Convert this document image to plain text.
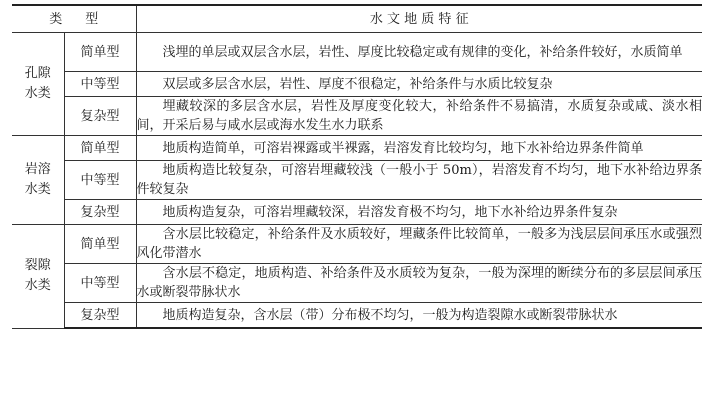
类 型		水 文 地 质 特 征
孔隙
水类	简单型	浅埋的单层或双层含水层，岩性、厚度比较稳定或有规律的变化，补给条件较好，水质简单
	中等型	双层或多层含水层，岩性、厚度不很稳定，补给条件与水质比较复杂
	复杂型	埋藏较深的多层含水层，岩性及厚度变化较大，补给条件不易搞清，水质复杂或咸、淡水相间，开采后易与咸水层或海水发生水力联系
岩溶
水类	简单型	地质构造简单，可溶岩裸露或半裸露，岩溶发育比较均匀，地下水补给边界条件简单
	中等型	地质构造比较复杂，可溶岩埋藏较浅（一般小于 50m），岩溶发育不均匀，地下水补给边界条件较复杂
	复杂型	地质构造复杂，可溶岩埋藏较深，岩溶发育极不均匀，地下水补给边界条件复杂
裂隙
水类	简单型	含水层比较稳定，补给条件及水质较好，埋藏条件比较简单，一般多为浅层层间承压水或强烈风化带潜水
	中等型	含水层不稳定，地质构造、补给条件及水质较为复杂，一般为深埋的断续分布的多层层间承压水或断裂带脉状水
	复杂型	地质构造复杂，含水层（带）分布极不均匀，一般为构造裂隙水或断裂带脉状水
